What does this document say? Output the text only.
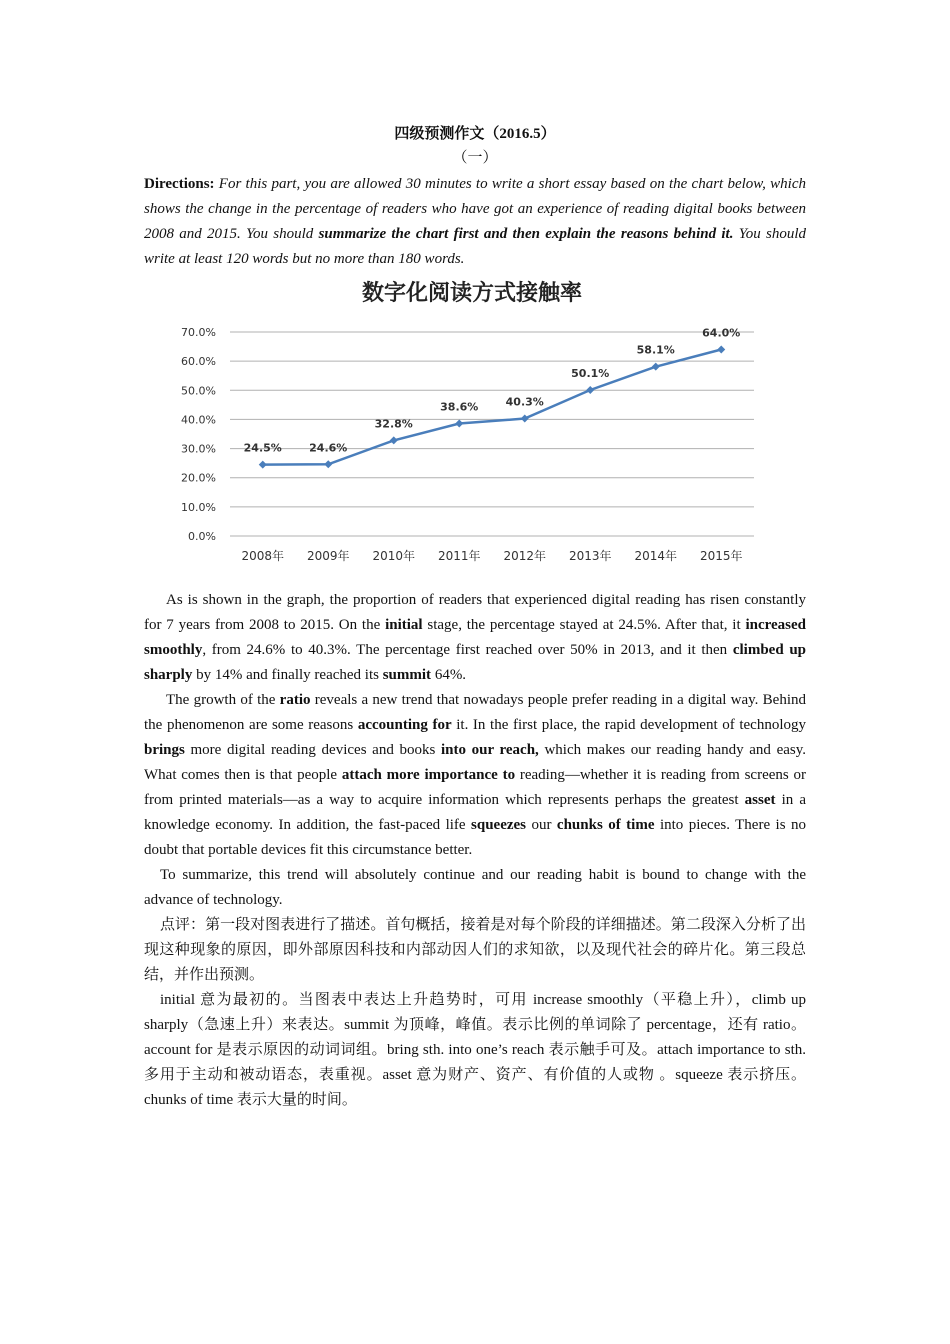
四级预测作文（2016.5）

（一）

Directions: For this part, you are allowed 30 minutes to write a short essay based on the chart below, which shows the change in the percentage of readers who have got an experience of reading digital books between 2008 and 2015. You should summarize the chart first and then explain the reasons behind it. You should write at least 120 words but no more than 180 words.

数字化阅读方式接触率
0.0%
10.0%
20.0%
30.0%
40.0%
50.0%
60.0%
70.0%
2008年 2009年 2010年 2011年 2012年 2013年 2014年 2015年
24.5% 24.6%
32.8%
38.6% 40.3%
50.1%
58.1%
64.0%

As is shown in the graph, the proportion of readers that experienced digital reading has risen constantly for 7 years from 2008 to 2015. On the initial stage, the percentage stayed at 24.5%. After that, it increased smoothly, from 24.6% to 40.3%. The percentage first reached over 50% in 2013, and it then climbed up sharply by 14% and finally reached its summit 64%.

The growth of the ratio reveals a new trend that nowadays people prefer reading in a digital way. Behind the phenomenon are some reasons accounting for it. In the first place, the rapid development of technology brings more digital reading devices and books into our reach, which makes our reading handy and easy. What comes then is that people attach more importance to reading—whether it is reading from screens or from printed materials—as a way to acquire information which represents perhaps the greatest asset in a knowledge economy. In addition, the fast-paced life squeezes our chunks of time into pieces. There is no doubt that portable devices fit this circumstance better.

To summarize, this trend will absolutely continue and our reading habit is bound to change with the advance of technology.

点评：第一段对图表进行了描述。首句概括，接着是对每个阶段的详细描述。第二段深入分析了出现这种现象的原因，即外部原因科技和内部动因人们的求知欲，以及现代社会的碎片化。第三段总结，并作出预测。

initial 意为最初的。当图表中表达上升趋势时，可用 increase smoothly（平稳上升），climb up sharply（急速上升）来表达。summit 为顶峰，峰值。表示比例的单词除了 percentage，还有 ratio。 account for 是表示原因的动词词组。bring sth. into one’s reach 表示触手可及。attach importance to sth. 多用于主动和被动语态，表重视。asset 意为财产、资产、有价值的人或物 。squeeze 表示挤压。chunks of time 表示大量的时间。
